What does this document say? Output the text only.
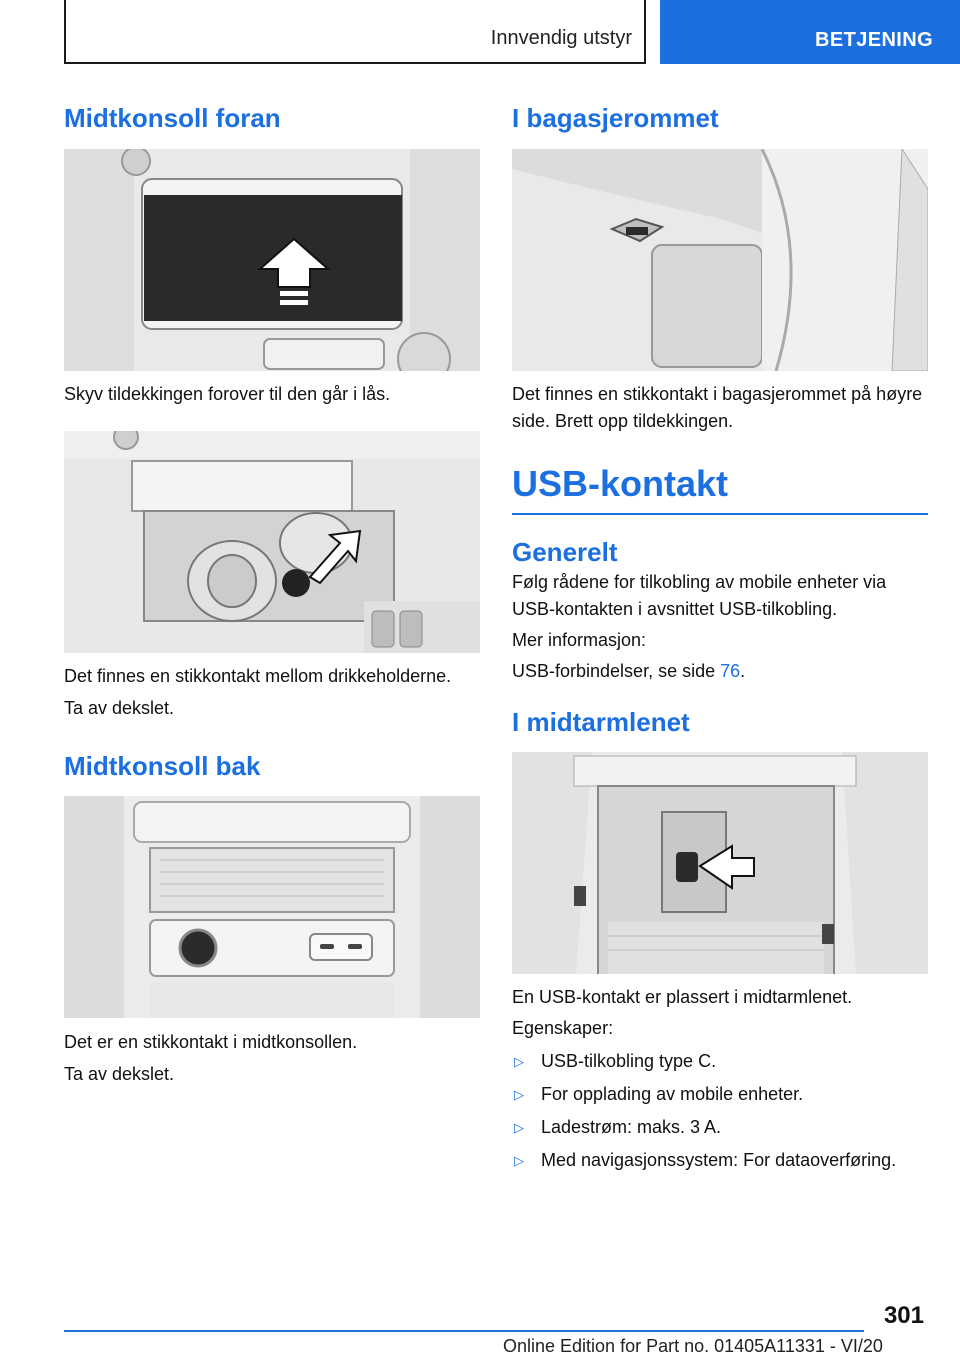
Innvendig utstyr	BETJENING
Midtkonsoll foran

Skyv tildekkingen forover til den går i lås.

Det finnes en stikkontakt mellom drikkeholderne.

Ta av dekslet.

Midtkonsoll bak

Det er en stikkontakt i midtkonsollen.

Ta av dekslet.

I bagasjerommet

Det finnes en stikkontakt i bagasjerommet på høyre side. Brett opp tildekkingen.

USB-kontakt
Generelt

Følg rådene for tilkobling av mobile enheter via USB-kontakten i avsnittet USB-tilkobling.

Mer informasjon:

USB-forbindelser, se side 76.

I midtarmlenet

En USB-kontakt er plassert i midtarmlenet.

Egenskaper:

▷ USB-tilkobling type C.
▷ For opplading av mobile enheter.
▷ Ladestrøm: maks. 3 A.
▷ Med navigasjonssystem: For dataoverføring.
301
Online Edition for Part no. 01405A11331 - VI/20
